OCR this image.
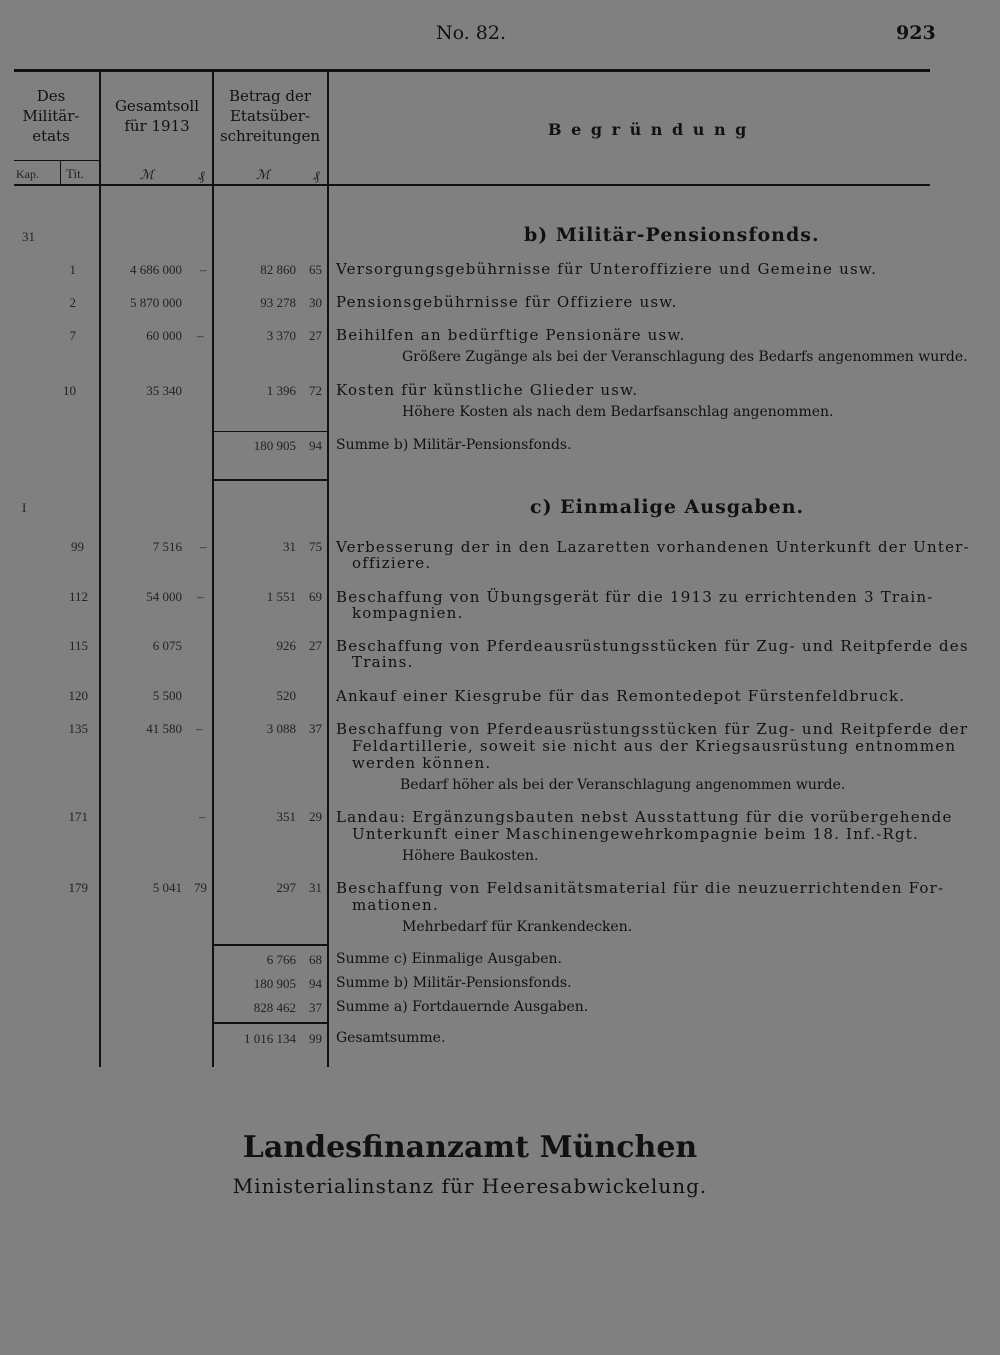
No. 82.	923
Des Militär-etats
Kap. Tit.
Gesamtsoll für 1913
ℳ	₰
Betrag der Etatsüber-schreitungen
ℳ	₰
B e g r ü n d u n g
31	b) Militär-Pensionsfonds.
1	4 686 000 –	82 860 65 Versorgungsgebührnisse für Unteroffiziere und Gemeine usw.
2	5 870 000	93 278 30 Pensionsgebührnisse für Offiziere usw.
7	60 000 –	3 370 27 Beihilfen an bedürftige Pensionäre usw.
Größere Zugänge als bei der Veranschlagung des Bedarfs angenommen wurde.
10	35 340	1 396 72 Kosten für künstliche Glieder usw.
Höhere Kosten als nach dem Bedarfsanschlag angenommen.
180 905 94 Summe b) Militär-Pensionsfonds.
I	c) Einmalige Ausgaben.
99	7 516 –	31 75 Verbesserung der in den Lazaretten vorhandenen Unterkunft der Unter-
offiziere.
112	54 000 –	1 551 69 Beschaffung von Übungsgerät für die 1913 zu errichtenden 3 Train-
kompagnien.
115	6 075	926 27 Beschaffung von Pferdeausrüstungsstücken für Zug- und Reitpferde des
Trains.
120	5 500	520	Ankauf einer Kiesgrube für das Remontedepot Fürstenfeldbruck.
135	41 580 –	3 088 37 Beschaffung von Pferdeausrüstungsstücken für Zug- und Reitpferde der
Feldartillerie, soweit sie nicht aus der Kriegsausrüstung entnommen
werden können.
Bedarf höher als bei der Veranschlagung angenommen wurde.
171	–	351 29 Landau: Ergänzungsbauten nebst Ausstattung für die vorübergehende
Unterkunft einer Maschinengewehrkompagnie beim 18. Inf.-Rgt.
Höhere Baukosten.
179	5 041 79	297 31 Beschaffung von Feldsanitätsmaterial für die neuzuerrichtenden For-
mationen.
Mehrbedarf für Krankendecken.
6 766 68 Summe c) Einmalige Ausgaben.
180 905 94 Summe b) Militär-Pensionsfonds.
828 462 37 Summe a) Fortdauernde Ausgaben.
1 016 134 99 Gesamtsumme.
Landesfinanzamt München
Ministerialinstanz für Heeresabwickelung.
